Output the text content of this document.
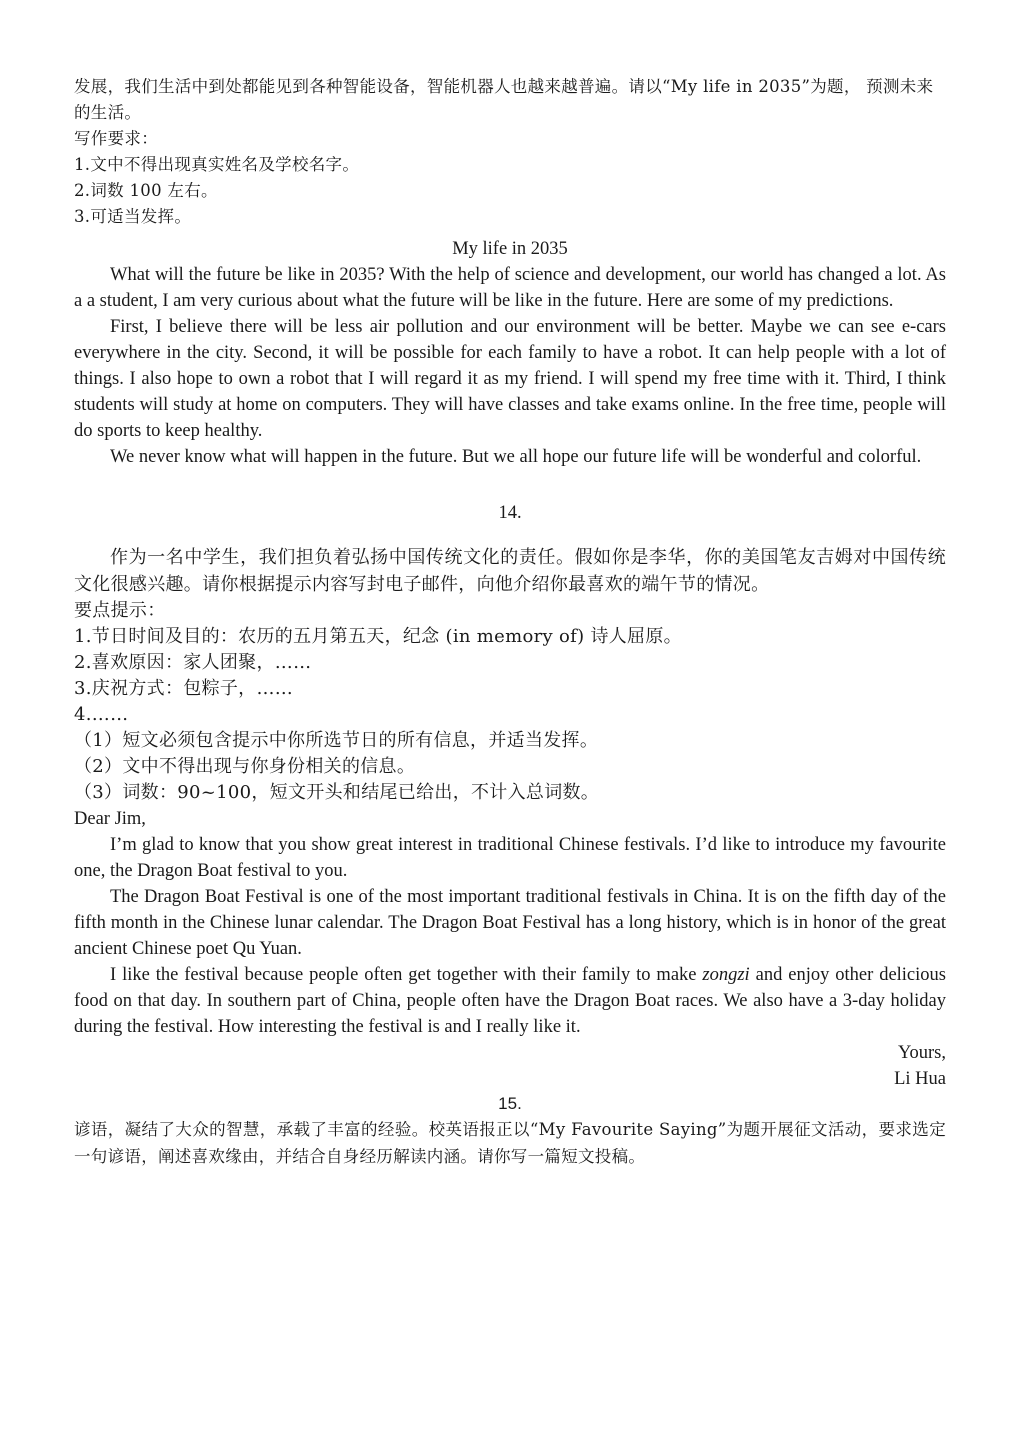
发展，我们生活中到处都能见到各种智能设备，智能机器人也越来越普遍。请以“My life in 2035”为题， 预测未来

的生活。

写作要求：

1.文中不得出现真实姓名及学校名字。

2.词数 100 左右。

3.可适当发挥。

My life in 2035

What will the future be like in 2035? With the help of science and development, our world has changed a lot. As a a student, I am very curious about what the future will be like in the future. Here are some of my predictions.

First, I believe there will be less air pollution and our environment will be better. Maybe we can see e-cars everywhere in the city. Second, it will be possible for each family to have a robot. It can help people with a lot of things. I also hope to own a robot that I will regard it as my friend. I will spend my free time with it. Third, I think students will study at home on computers. They will have classes and take exams online. In the free time, people will do sports to keep healthy.

We never know what will happen in the future. But we all hope our future life will be wonderful and colorful.

14.

作为一名中学生，我们担负着弘扬中国传统文化的责任。假如你是李华，你的美国笔友吉姆对中国传统文化很感兴趣。请你根据提示内容写封电子邮件，向他介绍你最喜欢的端午节的情况。

要点提示：

1.节日时间及目的：农历的五月第五天，纪念 (in memory of) 诗人屈原。

2.喜欢原因：家人团聚，……

3.庆祝方式：包粽子，……

4.……

（1）短文必须包含提示中你所选节日的所有信息，并适当发挥。

（2）文中不得出现与你身份相关的信息。

（3）词数：90~100，短文开头和结尾已给出，不计入总词数。

Dear Jim,

I’m glad to know that you show great interest in traditional Chinese festivals. I’d like to introduce my favourite one, the Dragon Boat festival to you.

The Dragon Boat Festival is one of the most important traditional festivals in China. It is on the fifth day of the fifth month in the Chinese lunar calendar. The Dragon Boat Festival has a long history, which is in honor of the great ancient Chinese poet Qu Yuan.

I like the festival because people often get together with their family to make zongzi and enjoy other delicious food on that day. In southern part of China, people often have the Dragon Boat races. We also have a 3-day holiday during the festival. How interesting the festival is and I really like it.

Yours,

Li Hua

15.

谚语，凝结了大众的智慧，承载了丰富的经验。校英语报正以“My Favourite Saying”为题开展征文活动，要求选定一句谚语，阐述喜欢缘由，并结合自身经历解读内涵。请你写一篇短文投稿。
